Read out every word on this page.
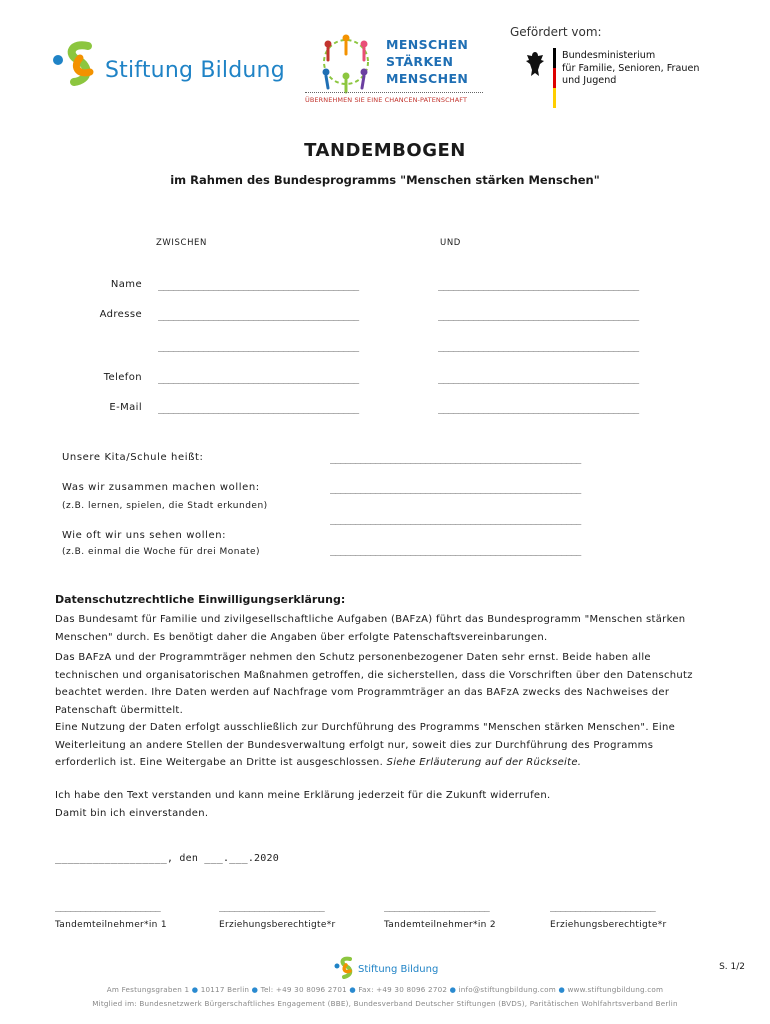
Stiftung Bildung
MENSCHEN
STÄRKEN
MENSCHEN
ÜBERNEHMEN SIE EINE CHANCEN-PATENSCHAFT
Gefördert vom:
Bundesministerium
für Familie, Senioren, Frauen
und Jugend
TANDEMBOGEN
im Rahmen des Bundesprogramms "Menschen stärken Menschen"
ZWISCHEN	UND
Name ________________________________________	________________________________________
Adresse ________________________________________	________________________________________
________________________________________	________________________________________
Telefon ________________________________________	________________________________________
E-Mail ________________________________________	________________________________________
Unsere Kita/Schule heißt:	__________________________________________________
Was wir zusammen machen wollen:	__________________________________________________
(z.B. lernen, spielen, die Stadt erkunden)
__________________________________________________
Wie oft wir uns sehen wollen:
(z.B. einmal die Woche für drei Monate)	__________________________________________________
Datenschutzrechtliche Einwilligungserklärung:
Das Bundesamt für Familie und zivilgesellschaftliche Aufgaben (BAFzA) führt das Bundesprogramm "Menschen stärken Menschen" durch. Es benötigt daher die Angaben über erfolgte Patenschaftsvereinbarungen.
Das BAFzA und der Programmträger nehmen den Schutz personenbezogener Daten sehr ernst. Beide haben alle technischen und organisatorischen Maßnahmen getroffen, die sicherstellen, dass die Vorschriften über den Datenschutz beachtet werden. Ihre Daten werden auf Nachfrage vom Programmträger an das BAFzA zwecks des Nachweises der Patenschaft übermittelt.
Eine Nutzung der Daten erfolgt ausschließlich zur Durchführung des Programms "Menschen stärken Menschen". Eine Weiterleitung an andere Stellen der Bundesverwaltung erfolgt nur, soweit dies zur Durchführung des Programms erforderlich ist. Eine Weitergabe an Dritte ist ausgeschlossen. Siehe Erläuterung auf der Rückseite.
Ich habe den Text verstanden und kann meine Erklärung jederzeit für die Zukunft widerrufen.
Damit bin ich einverstanden.
__________________, den ___.___.2020
_____________________	_____________________	_____________________	_____________________
Tandemteilnehmer*in 1	Erziehungsberechtigte*r	Tandemteilnehmer*in 2	Erziehungsberechtigte*r
S. 1/2
Stiftung Bildung
Am Festungsgraben 1 ● 10117 Berlin ● Tel: +49 30 8096 2701 ● Fax: +49 30 8096 2702 ● info@stiftungbildung.com ● www.stiftungbildung.com
Mitglied im: Bundesnetzwerk Bürgerschaftliches Engagement (BBE), Bundesverband Deutscher Stiftungen (BVDS), Paritätischen Wohlfahrtsverband Berlin
